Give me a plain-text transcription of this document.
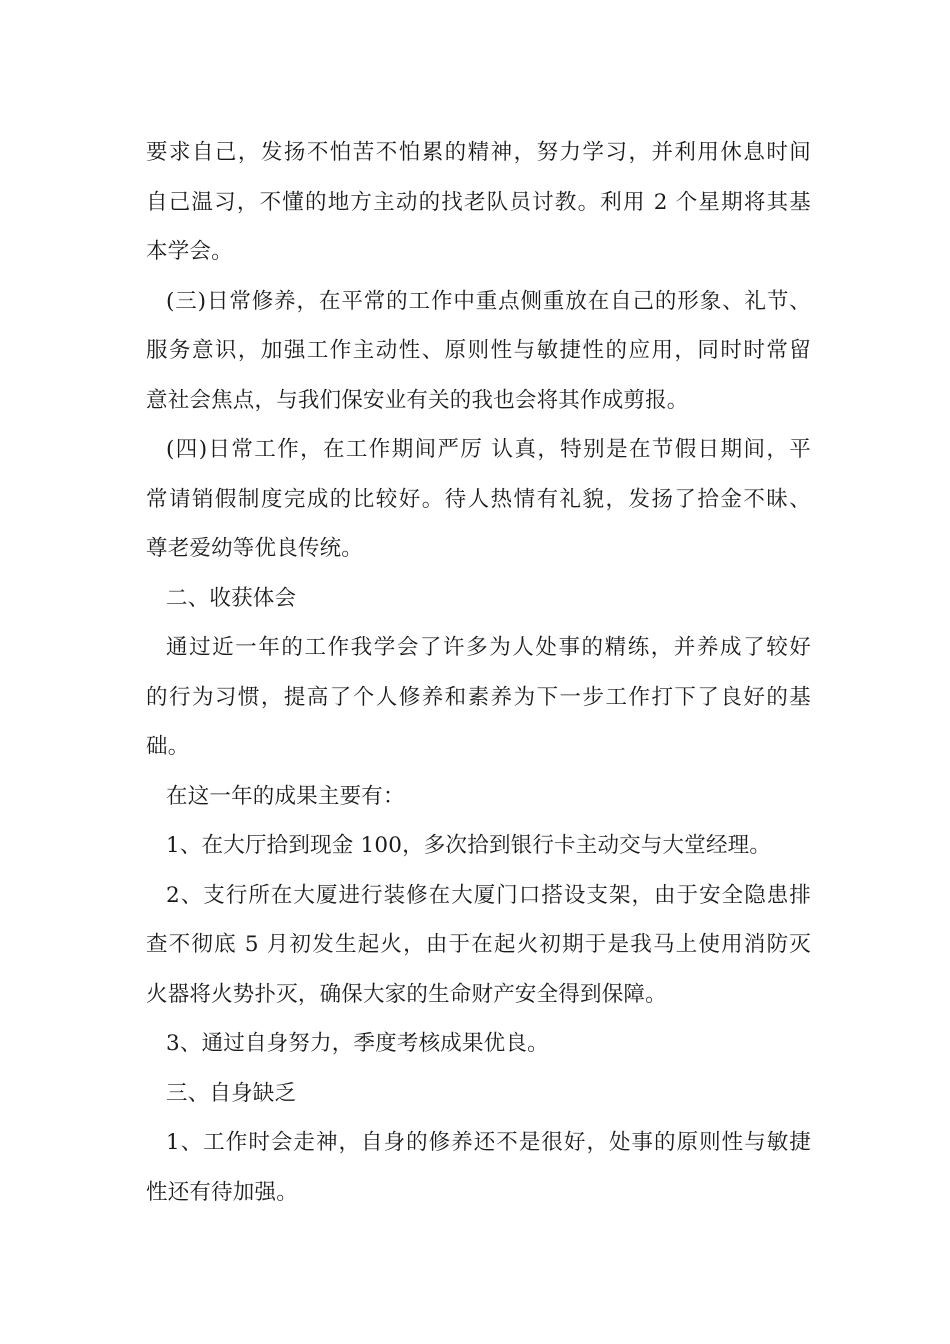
要求自己，发扬不怕苦不怕累的精神，努力学习，并利用休息时间
自己温习，不懂的地方主动的找老队员讨教。利用 2 个星期将其基
本学会。
(三)日常修养，在平常的工作中重点侧重放在自己的形象、礼节、
服务意识，加强工作主动性、原则性与敏捷性的应用，同时时常留
意社会焦点，与我们保安业有关的我也会将其作成剪报。
(四)日常工作，在工作期间严厉 认真，特别是在节假日期间，平
常请销假制度完成的比较好。待人热情有礼貌，发扬了拾金不昧、
尊老爱幼等优良传统。
二、收获体会
通过近一年的工作我学会了许多为人处事的精练，并养成了较好
的行为习惯，提高了个人修养和素养为下一步工作打下了良好的基
础。
在这一年的成果主要有：
1、在大厅拾到现金 100，多次拾到银行卡主动交与大堂经理。
2、支行所在大厦进行装修在大厦门口搭设支架，由于安全隐患排
查不彻底 5 月初发生起火，由于在起火初期于是我马上使用消防灭
火器将火势扑灭，确保大家的生命财产安全得到保障。
3、通过自身努力，季度考核成果优良。
三、自身缺乏
1、工作时会走神，自身的修养还不是很好，处事的原则性与敏捷
性还有待加强。
